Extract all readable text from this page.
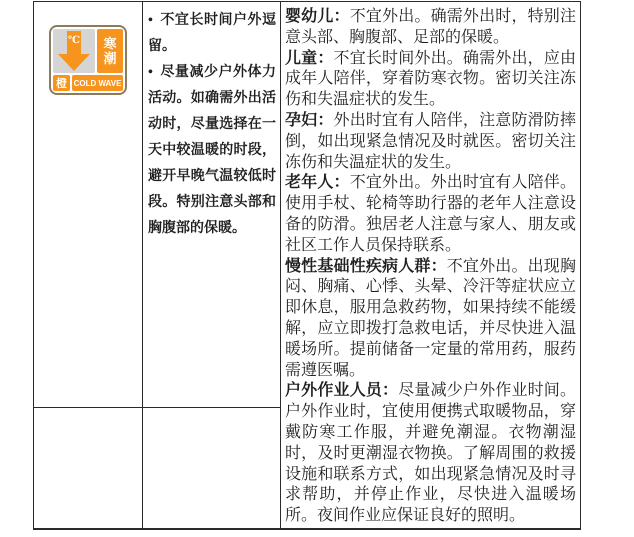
℃ 寒
潮
橙 COLD WAVE
• 不宜长时间户外逗留。
• 尽量减少户外体力活动。如确需外出活动时，尽量选择在一天中较温暖的时段，避开早晚气温较低时段。特别注意头部和胸腹部的保暖。

婴幼儿：不宜外出。确需外出时，特别注意头部、胸腹部、足部的保暖。

儿童：不宜长时间外出。确需外出，应由成年人陪伴，穿着防寒衣物。密切关注冻伤和失温症状的发生。

孕妇：外出时宜有人陪伴，注意防滑防摔倒，如出现紧急情况及时就医。密切关注冻伤和失温症状的发生。

老年人：不宜外出。外出时宜有人陪伴。使用手杖、轮椅等助行器的老年人注意设备的防滑。独居老人注意与家人、朋友或社区工作人员保持联系。

慢性基础性疾病人群：不宜外出。出现胸闷、胸痛、心悸、头晕、冷汗等症状应立即休息，服用急救药物，如果持续不能缓解，应立即拨打急救电话，并尽快进入温暖场所。提前储备一定量的常用药，服药需遵医嘱。

户外作业人员：尽量减少户外作业时间。户外作业时，宜使用便携式取暖物品，穿戴防寒工作服，并避免潮湿。衣物潮湿时，及时更潮湿衣物换。了解周围的救援设施和联系方式，如出现紧急情况及时寻求帮助，并停止作业，尽快进入温暖场所。夜间作业应保证良好的照明。
